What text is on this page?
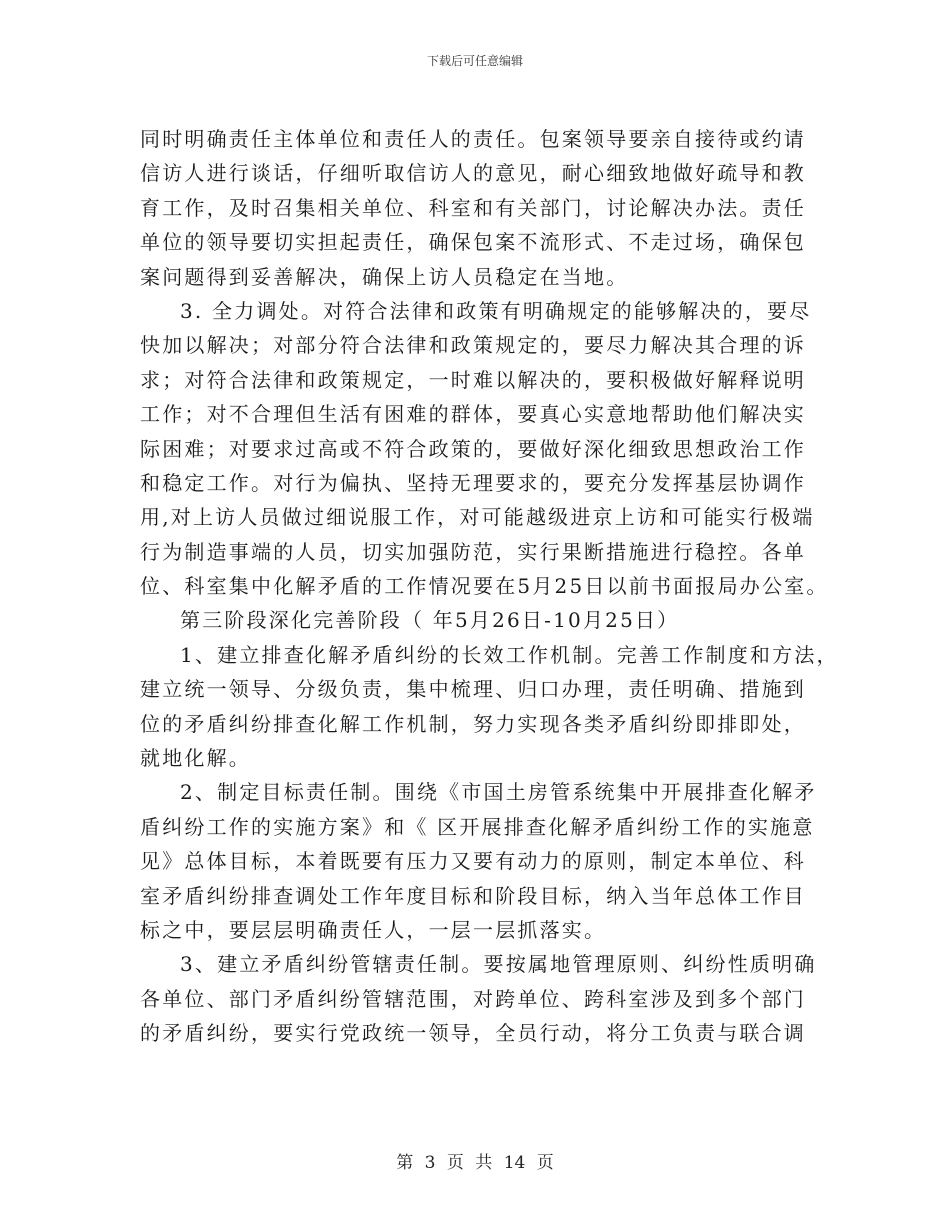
下载后可任意编辑
同时明确责任主体单位和责任人的责任。包案领导要亲自接待或约请
信访人进行谈话，仔细听取信访人的意见，耐心细致地做好疏导和教
育工作，及时召集相关单位、科室和有关部门，讨论解决办法。责任
单位的领导要切实担起责任，确保包案不流形式、不走过场，确保包
案问题得到妥善解决，确保上访人员稳定在当地。
3. 全力调处。对符合法律和政策有明确规定的能够解决的，要尽
快加以解决；对部分符合法律和政策规定的，要尽力解决其合理的诉
求；对符合法律和政策规定，一时难以解决的，要积极做好解释说明
工作；对不合理但生活有困难的群体，要真心实意地帮助他们解决实
际困难；对要求过高或不符合政策的，要做好深化细致思想政治工作
和稳定工作。对行为偏执、坚持无理要求的，要充分发挥基层协调作
用,对上访人员做过细说服工作，对可能越级进京上访和可能实行极端
行为制造事端的人员，切实加强防范，实行果断措施进行稳控。各单
位、科室集中化解矛盾的工作情况要在5月25日以前书面报局办公室。
第三阶段深化完善阶段（ 年5月26日-10月25日）
1、建立排查化解矛盾纠纷的长效工作机制。完善工作制度和方法，
建立统一领导、分级负责，集中梳理、归口办理，责任明确、措施到
位的矛盾纠纷排查化解工作机制，努力实现各类矛盾纠纷即排即处，
就地化解。
2、制定目标责任制。围绕《市国土房管系统集中开展排查化解矛
盾纠纷工作的实施方案》和《 区开展排查化解矛盾纠纷工作的实施意
见》总体目标，本着既要有压力又要有动力的原则，制定本单位、科
室矛盾纠纷排查调处工作年度目标和阶段目标，纳入当年总体工作目
标之中，要层层明确责任人，一层一层抓落实。
3、建立矛盾纠纷管辖责任制。要按属地管理原则、纠纷性质明确
各单位、部门矛盾纠纷管辖范围，对跨单位、跨科室涉及到多个部门
的矛盾纠纷，要实行党政统一领导，全员行动，将分工负责与联合调
第 3 页 共 14 页
